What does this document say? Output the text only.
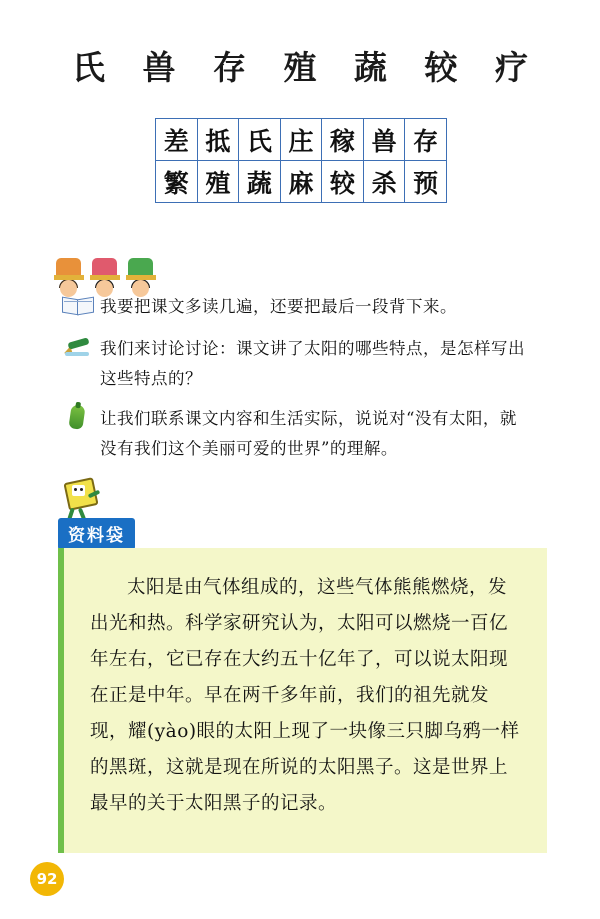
氏 兽 存 殖 蔬 较 疗
差	抵	氏	庄	稼	兽	存
繁	殖	蔬	麻	较	杀	预
我要把课文多读几遍，还要把最后一段背下来。
我们来讨论讨论：课文讲了太阳的哪些特点，是怎样写出这些特点的？
让我们联系课文内容和生活实际，说说对“没有太阳，就没有我们这个美丽可爱的世界”的理解。
资料袋

太阳是由气体组成的，这些气体熊熊燃烧，发出光和热。科学家研究认为，太阳可以燃烧一百亿年左右，它已存在大约五十亿年了，可以说太阳现在正是中年。早在两千多年前，我们的祖先就发现，耀(yào)眼的太阳上现了一块像三只脚乌鸦一样的黑斑，这就是现在所说的太阳黑子。这是世界上最早的关于太阳黑子的记录。

92
